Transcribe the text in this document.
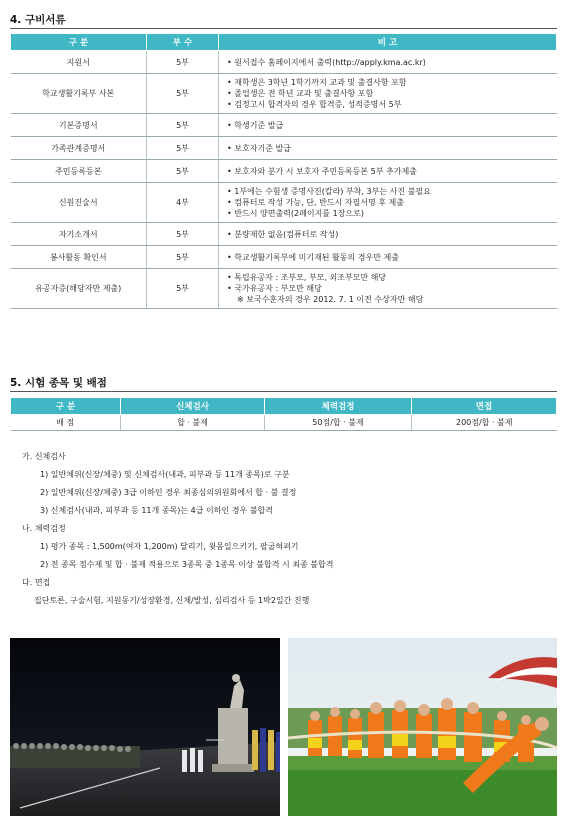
4. 구비서류
구 분	부 수	비 고
지원서	5부	• 원서접수 홈페이지에서 출력(http://apply.kma.ac.kr)

학교생활기록부 사본	5부	• 재학생은 3학년 1학기까지 교과 및 출결사항 포함
• 졸업생은 전 학년 교과 및 출결사항 포함
• 검정고시 합격자의 경우 합격증, 성적증명서 5부

기본증명서	5부	• 학생기준 발급

가족관계증명서	5부	• 보호자기준 발급

주민등록등본	5부	• 보호자와 분가 시 보호자 주민등록등본 5부 추가제출

신원진술서	4부	• 1부에는 수험생 증명사진(칼라) 부착, 3부는 사진 불필요
• 컴퓨터로 작성 가능, 단, 반드시 자필서명 후 제출
• 반드시 양면출력(2페이지를 1장으로)

자기소개서	5부	• 분량제한 없음(컴퓨터로 작성)

봉사활동 확인서	5부	• 학교생활기록부에 미기재된 활동의 경우만 제출

유공자증(해당자만 제출)	5부	• 독립유공자 : 조부모, 부모, 외조부모만 해당
• 국가유공자 : 부모만 해당
※ 보국수훈자의 경우 2012. 7. 1 이전 수상자만 해당
5. 시험 종목 및 배점
구 분	신체검사	체력검정	면접
배 점	합 · 불제	50점/합 · 불제	200점/합 · 불제
가. 신체검사
1) 일반체위(신장/체중) 및 신체검사(내과, 피부과 등 11개 종목)로 구분
2) 일반체위(신장/체중) 3급 이하인 경우 최종심의위원회에서 합 · 불 결정
3) 신체검사(내과, 피부과 등 11개 종목)는 4급 이하인 경우 불합격
나. 체력검정
1) 평가 종목 : 1,500m(여자 1,200m) 달리기, 윗몸일으키기, 팔굽혀펴기
2) 전 종목 점수제 및 합 · 불제 적용으로 3종목 중 1종목 이상 불합격 시 최종 불합격
다. 면접
집단토론, 구술시험, 지원동기/성장환경, 신체/발성, 심리검사 등 1박2일간 진행
